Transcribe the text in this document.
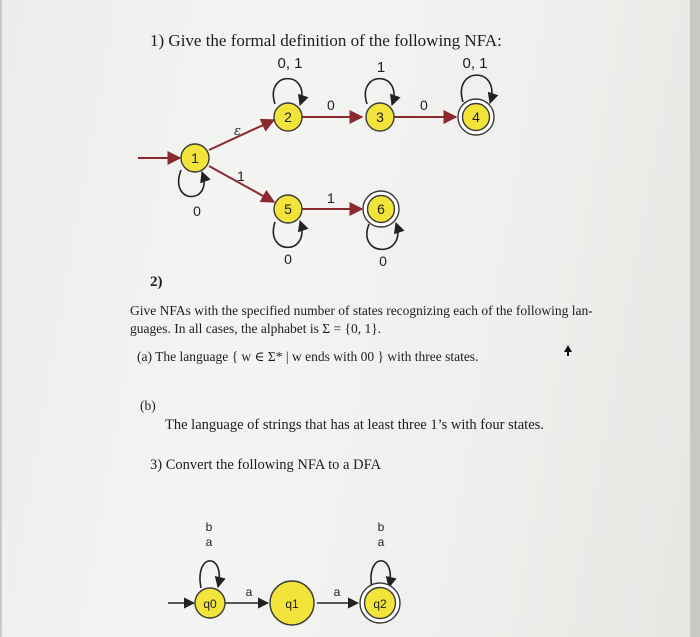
1) Give the formal definition of the following NFA:
2)
Give NFAs with the specified number of states recognizing each of the following lan-
guages. In all cases, the alphabet is Σ = {0, 1}.
(a) The language { w ∈ Σ* | w ends with 00 } with three states.
(b)
The language of strings that has at least three 1’s with four states.
3) Convert the following NFA to a DFA
1
2	3	4
5	6
ε
1
0	0
1
0
0, 1	1	0, 1
0	0
q0	q1	q2
a	a
b
a
b
a
